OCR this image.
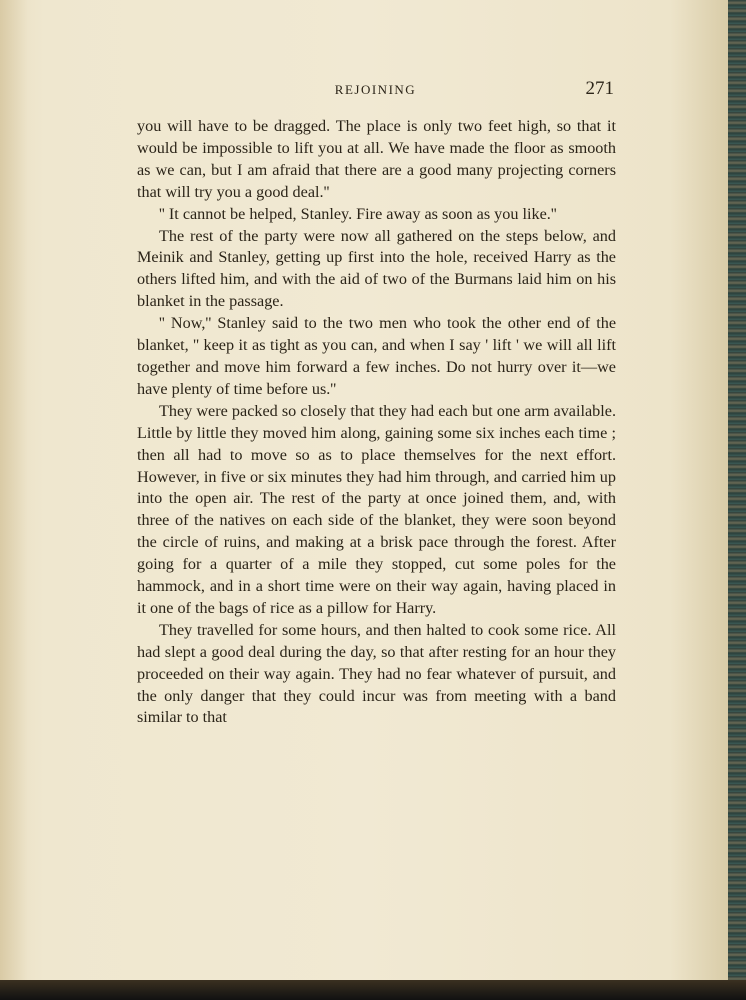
REJOINING	271

you will have to be dragged. The place is only two feet high, so that it would be impossible to lift you at all. We have made the floor as smooth as we can, but I am afraid that there are a good many projecting corners that will try you a good deal.''

'' It cannot be helped, Stanley. Fire away as soon as you like.''

The rest of the party were now all gathered on the steps below, and Meinik and Stanley, getting up first into the hole, received Harry as the others lifted him, and with the aid of two of the Burmans laid him on his blanket in the passage.

'' Now,'' Stanley said to the two men who took the other end of the blanket, '' keep it as tight as you can, and when I say ' lift ' we will all lift together and move him forward a few inches. Do not hurry over it—we have plenty of time before us.''

They were packed so closely that they had each but one arm available. Little by little they moved him along, gaining some six inches each time ; then all had to move so as to place themselves for the next effort. However, in five or six minutes they had him through, and carried him up into the open air. The rest of the party at once joined them, and, with three of the natives on each side of the blanket, they were soon beyond the circle of ruins, and making at a brisk pace through the forest. After going for a quarter of a mile they stopped, cut some poles for the hammock, and in a short time were on their way again, having placed in it one of the bags of rice as a pillow for Harry.

They travelled for some hours, and then halted to cook some rice. All had slept a good deal during the day, so that after resting for an hour they proceeded on their way again. They had no fear whatever of pursuit, and the only danger that they could incur was from meeting with a band similar to that
